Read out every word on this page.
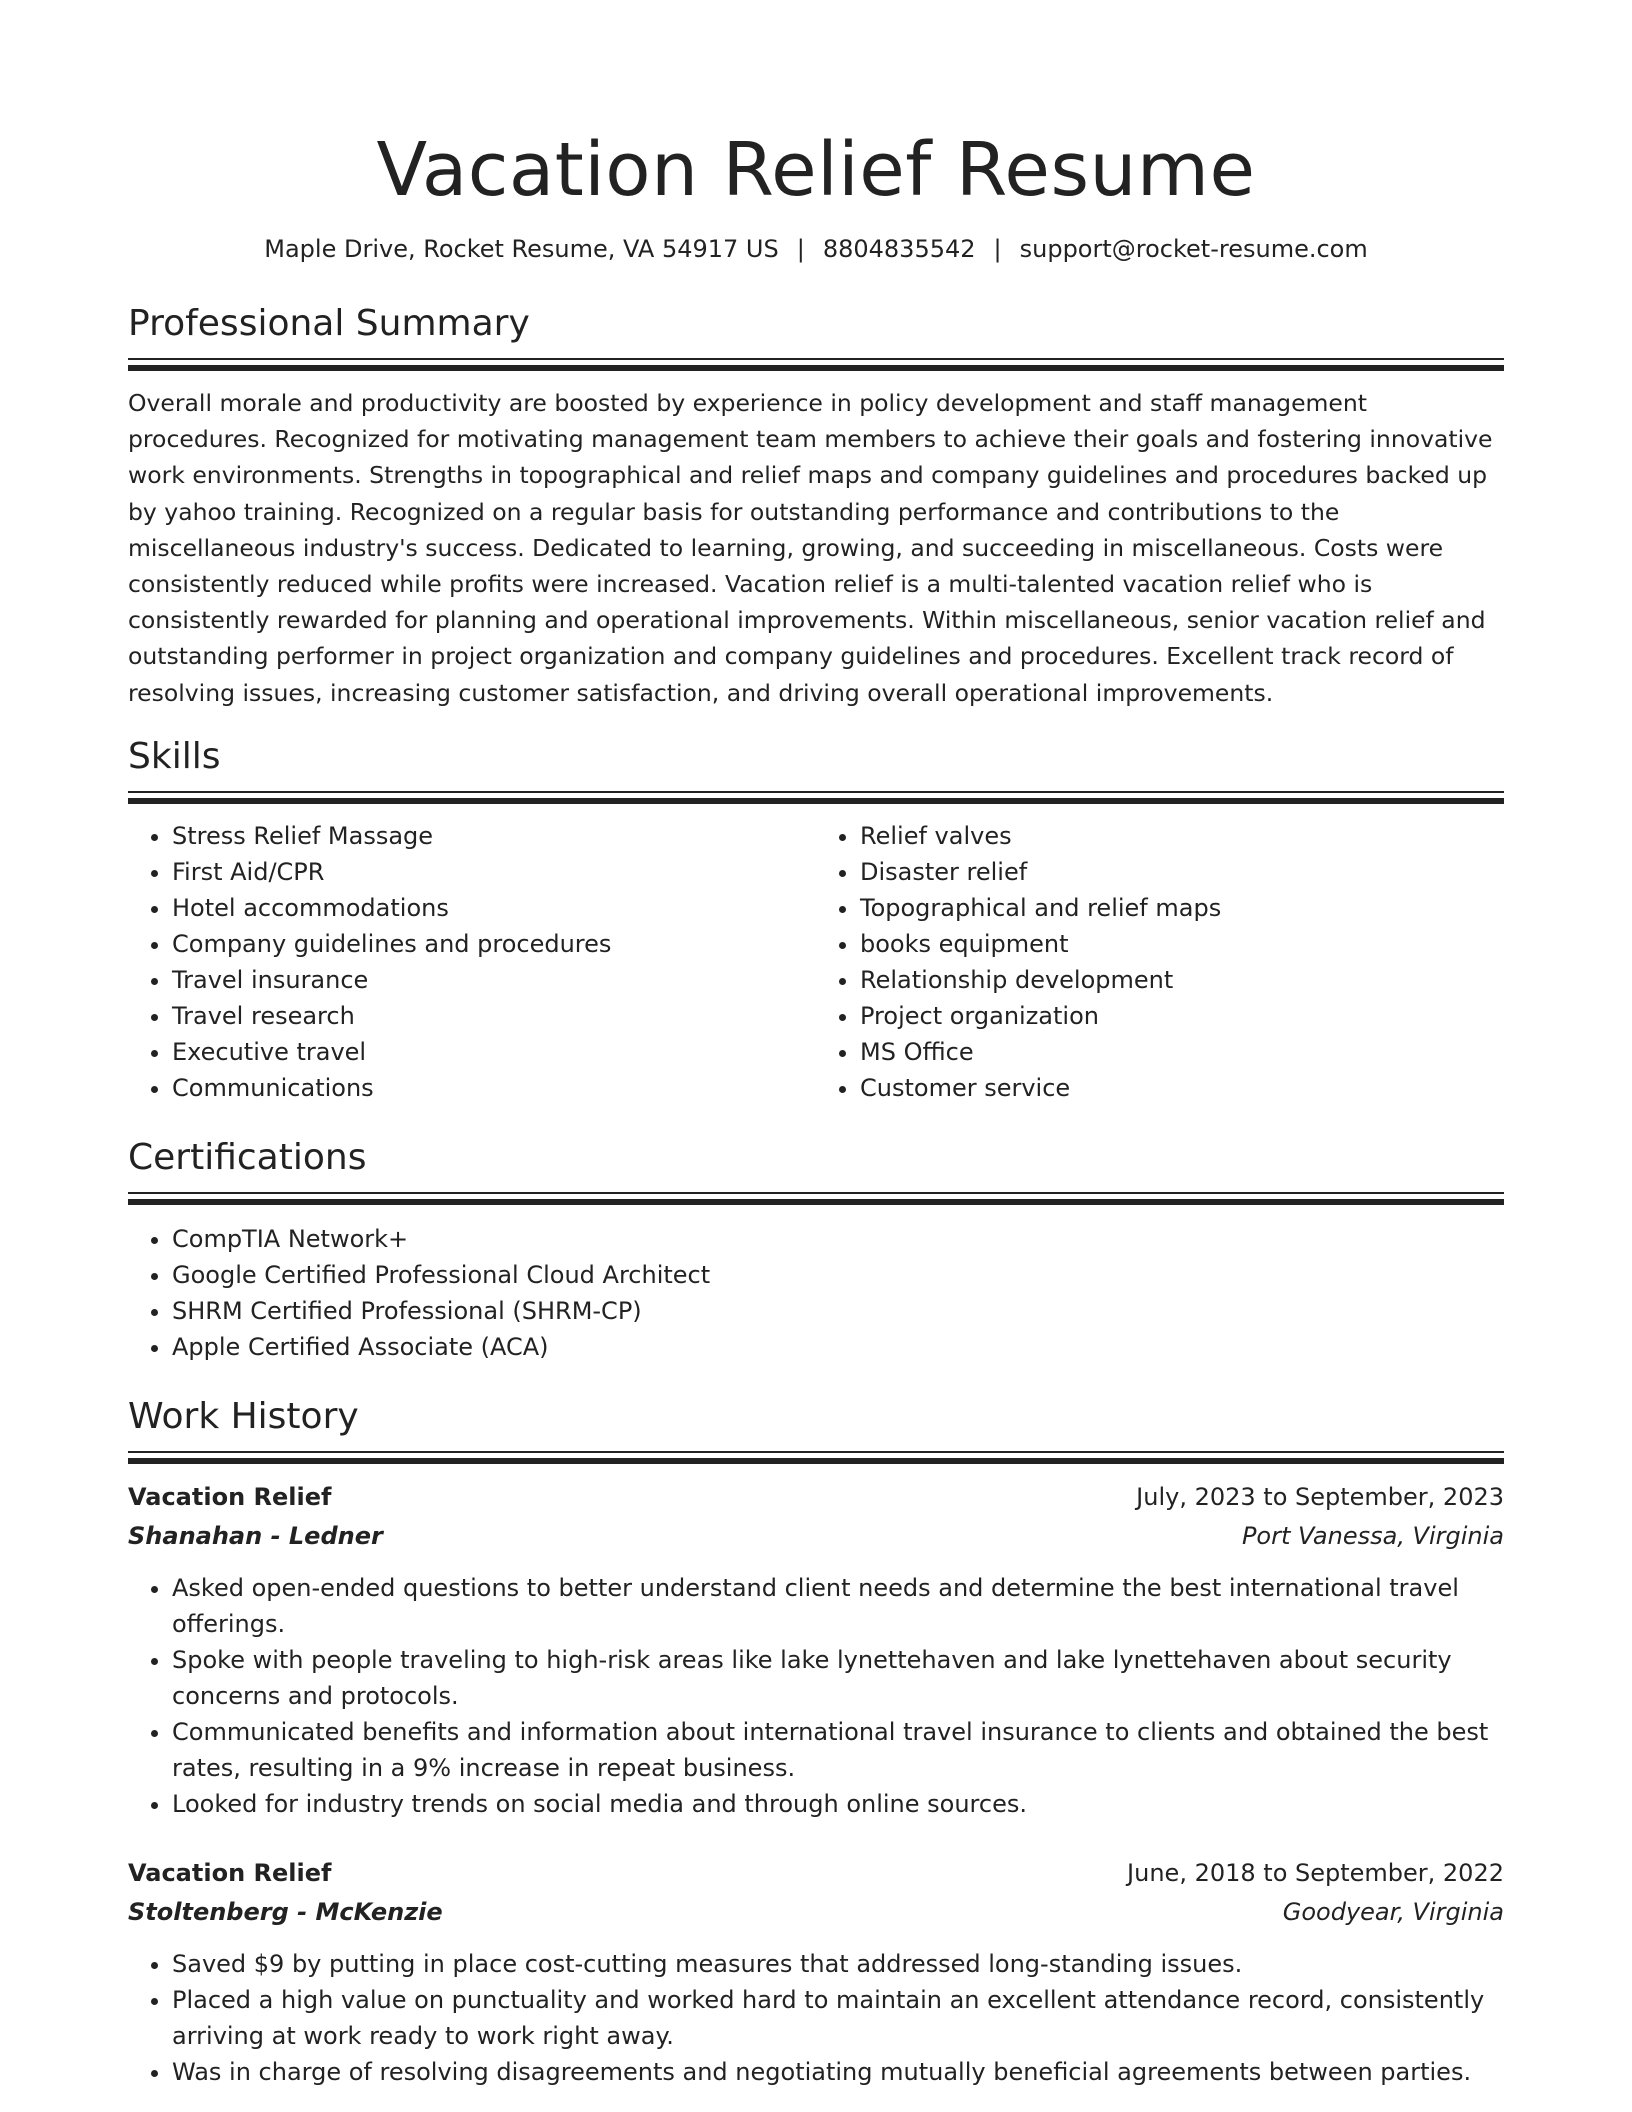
Vacation Relief Resume
Maple Drive, Rocket Resume, VA 54917 US | 8804835542 | support@rocket-resume.com
Professional Summary

Overall morale and productivity are boosted by experience in policy development and staff management procedures. Recognized for motivating management team members to achieve their goals and fostering innovative work environments. Strengths in topographical and relief maps and company guidelines and procedures backed up by yahoo training. Recognized on a regular basis for outstanding performance and contributions to the miscellaneous industry's success. Dedicated to learning, growing, and succeeding in miscellaneous. Costs were consistently reduced while profits were increased. Vacation relief is a multi-talented vacation relief who is consistently rewarded for planning and operational improvements. Within miscellaneous, senior vacation relief and outstanding performer in project organization and company guidelines and procedures. Excellent track record of resolving issues, increasing customer satisfaction, and driving overall operational improvements.

Skills
• Stress Relief Massage
• First Aid/CPR
• Hotel accommodations
• Company guidelines and procedures
• Travel insurance
• Travel research
• Executive travel
• Communications
• Relief valves
• Disaster relief
• Topographical and relief maps
• books equipment
• Relationship development
• Project organization
• MS Office
• Customer service
Certifications
• CompTIA Network+
• Google Certified Professional Cloud Architect
• SHRM Certified Professional (SHRM-CP)
• Apple Certified Associate (ACA)
Work History
Vacation Relief	July, 2023 to September, 2023
Shanahan - Ledner	Port Vanessa, Virginia
• Asked open-ended questions to better understand client needs and determine the best international travel offerings.
• Spoke with people traveling to high-risk areas like lake lynettehaven and lake lynettehaven about security concerns and protocols.
• Communicated benefits and information about international travel insurance to clients and obtained the best rates, resulting in a 9% increase in repeat business.
• Looked for industry trends on social media and through online sources.
Vacation Relief	June, 2018 to September, 2022
Stoltenberg - McKenzie	Goodyear, Virginia
• Saved $9 by putting in place cost-cutting measures that addressed long-standing issues.
• Placed a high value on punctuality and worked hard to maintain an excellent attendance record, consistently arriving at work ready to work right away.
• Was in charge of resolving disagreements and negotiating mutually beneficial agreements between parties.
